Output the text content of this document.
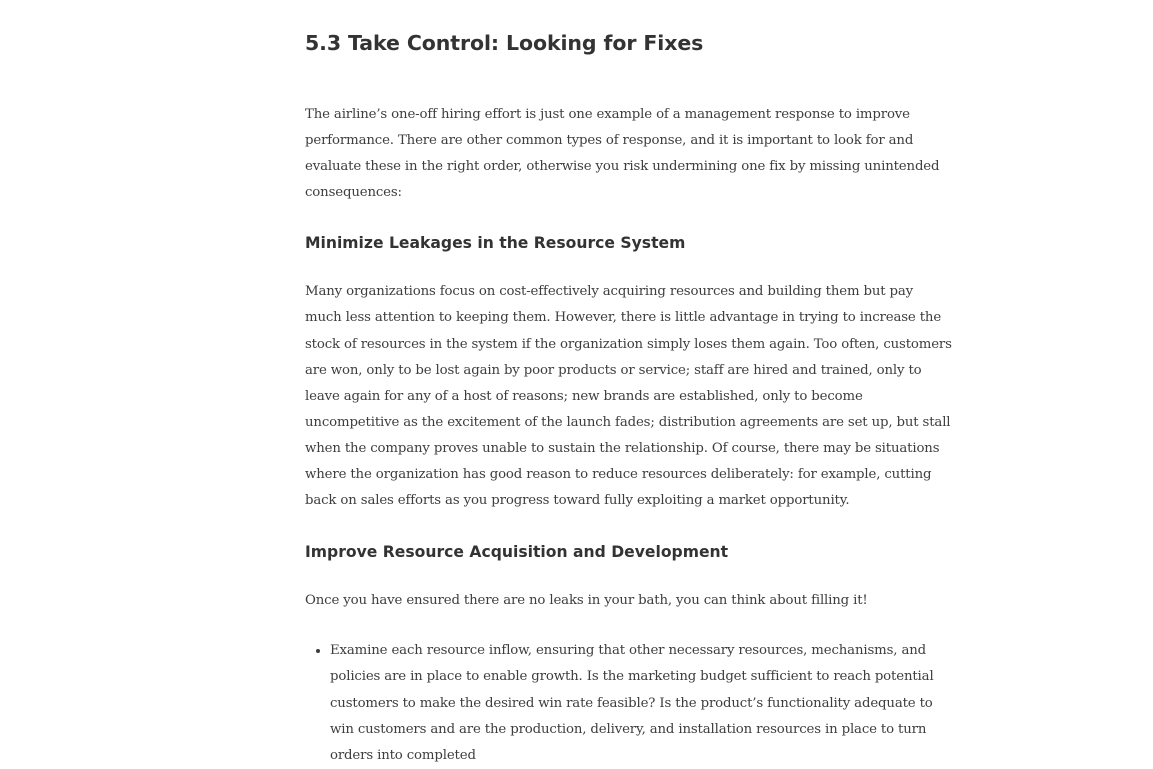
5.3 Take Control: Looking for Fixes

The airline’s one-off hiring effort is just one example of a management response to improve performance. There are other common types of response, and it is important to look for and evaluate these in the right order, otherwise you risk undermining one fix by missing unintended consequences:

Minimize Leakages in the Resource System

Many organizations focus on cost-effectively acquiring resources and building them but pay much less attention to keeping them. However, there is little advantage in trying to increase the stock of resources in the system if the organization simply loses them again. Too often, customers are won, only to be lost again by poor products or service; staff are hired and trained, only to leave again for any of a host of reasons; new brands are established, only to become uncompetitive as the excitement of the launch fades; distribution agreements are set up, but stall when the company proves unable to sustain the relationship. Of course, there may be situations where the organization has good reason to reduce resources deliberately: for example, cutting back on sales efforts as you progress toward fully exploiting a market opportunity.

Improve Resource Acquisition and Development

Once you have ensured there are no leaks in your bath, you can think about filling it!

• Examine each resource inflow, ensuring that other necessary resources, mechanisms, and policies are in place to enable growth. Is the marketing budget sufficient to reach potential customers to make the desired win rate feasible? Is the product’s functionality adequate to win customers and are the production, delivery, and installation resources in place to turn orders into completed
